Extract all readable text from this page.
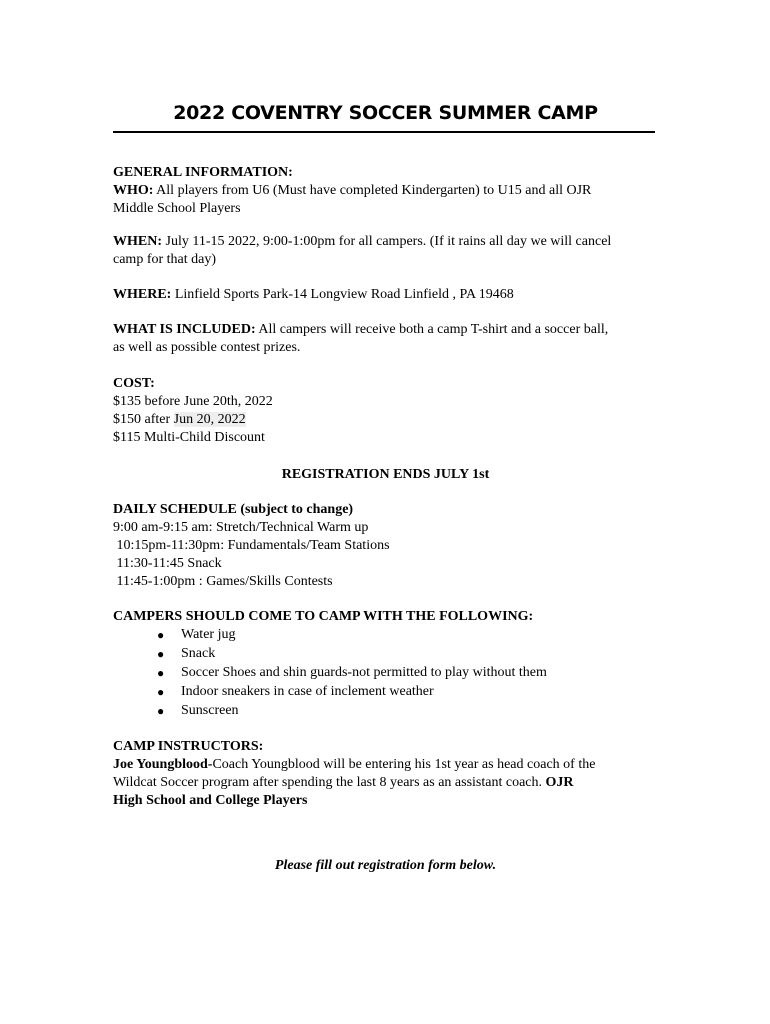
2022 COVENTRY SOCCER SUMMER CAMP
GENERAL INFORMATION:
WHO: All players from U6 (Must have completed Kindergarten) to U15 and all OJR
Middle School Players
WHEN: July 11-15 2022, 9:00-1:00pm for all campers. (If it rains all day we will cancel
camp for that day)
WHERE: Linfield Sports Park-14 Longview Road Linfield , PA 19468
WHAT IS INCLUDED: All campers will receive both a camp T-shirt and a soccer ball,
as well as possible contest prizes.
COST:
$135 before June 20th, 2022
$150 after Jun 20, 2022
$115 Multi-Child Discount
REGISTRATION ENDS JULY 1st
DAILY SCHEDULE (subject to change)
9:00 am-9:15 am: Stretch/Technical Warm up
10:15pm-11:30pm: Fundamentals/Team Stations
11:30-11:45 Snack
11:45-1:00pm : Games/Skills Contests
CAMPERS SHOULD COME TO CAMP WITH THE FOLLOWING:
● Water jug
● Snack
● Soccer Shoes and shin guards-not permitted to play without them
● Indoor sneakers in case of inclement weather
● Sunscreen
CAMP INSTRUCTORS:
Joe Youngblood-Coach Youngblood will be entering his 1st year as head coach of the
Wildcat Soccer program after spending the last 8 years as an assistant coach. OJR
High School and College Players
Please fill out registration form below.
